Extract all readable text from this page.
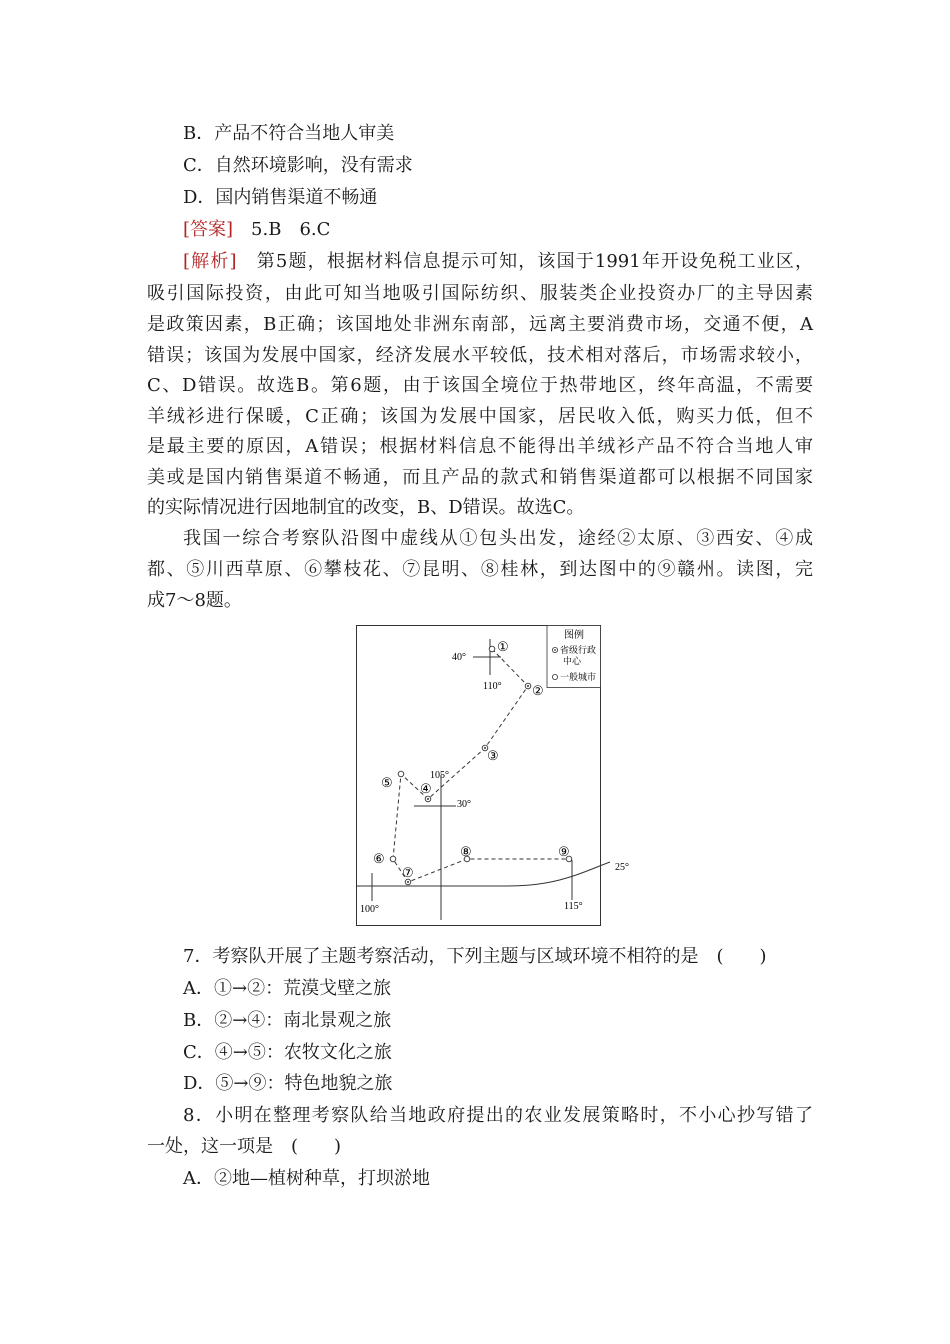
B．产品不符合当地人审美
C．自然环境影响，没有需求
D．国内销售渠道不畅通
[答案]　5.B　6.C
[解析]　第5题，根据材料信息提示可知，该国于1991年开设免税工业区，
吸引国际投资，由此可知当地吸引国际纺织、服装类企业投资办厂的主导因素
是政策因素，B正确；该国地处非洲东南部，远离主要消费市场，交通不便，A
错误；该国为发展中国家，经济发展水平较低，技术相对落后，市场需求较小，
C、D错误。故选B。第6题，由于该国全境位于热带地区，终年高温，不需要
羊绒衫进行保暖，C正确；该国为发展中国家，居民收入低，购买力低，但不
是最主要的原因，A错误；根据材料信息不能得出羊绒衫产品不符合当地人审
美或是国内销售渠道不畅通，而且产品的款式和销售渠道都可以根据不同国家
的实际情况进行因地制宜的改变，B、D错误。故选C。
我国一综合考察队沿图中虚线从①包头出发，途经②太原、③西安、④成
都、⑤川西草原、⑥攀枝花、⑦昆明、⑧桂林，到达图中的⑨赣州。读图，完
成7～8题。
图例
省级行政
中心
一般城市
40°
110°
105°
30°
25°
100°	115°
①
②
③
④
⑤
⑥
⑦
⑧	⑨
7．考察队开展了主题考察活动，下列主题与区域环境不相符的是　(　　)
A．①→②：荒漠戈壁之旅
B．②→④：南北景观之旅
C．④→⑤：农牧文化之旅
D．⑤→⑨：特色地貌之旅
8．小明在整理考察队给当地政府提出的农业发展策略时，不小心抄写错了
一处，这一项是　(　　)
A．②地—植树种草，打坝淤地
